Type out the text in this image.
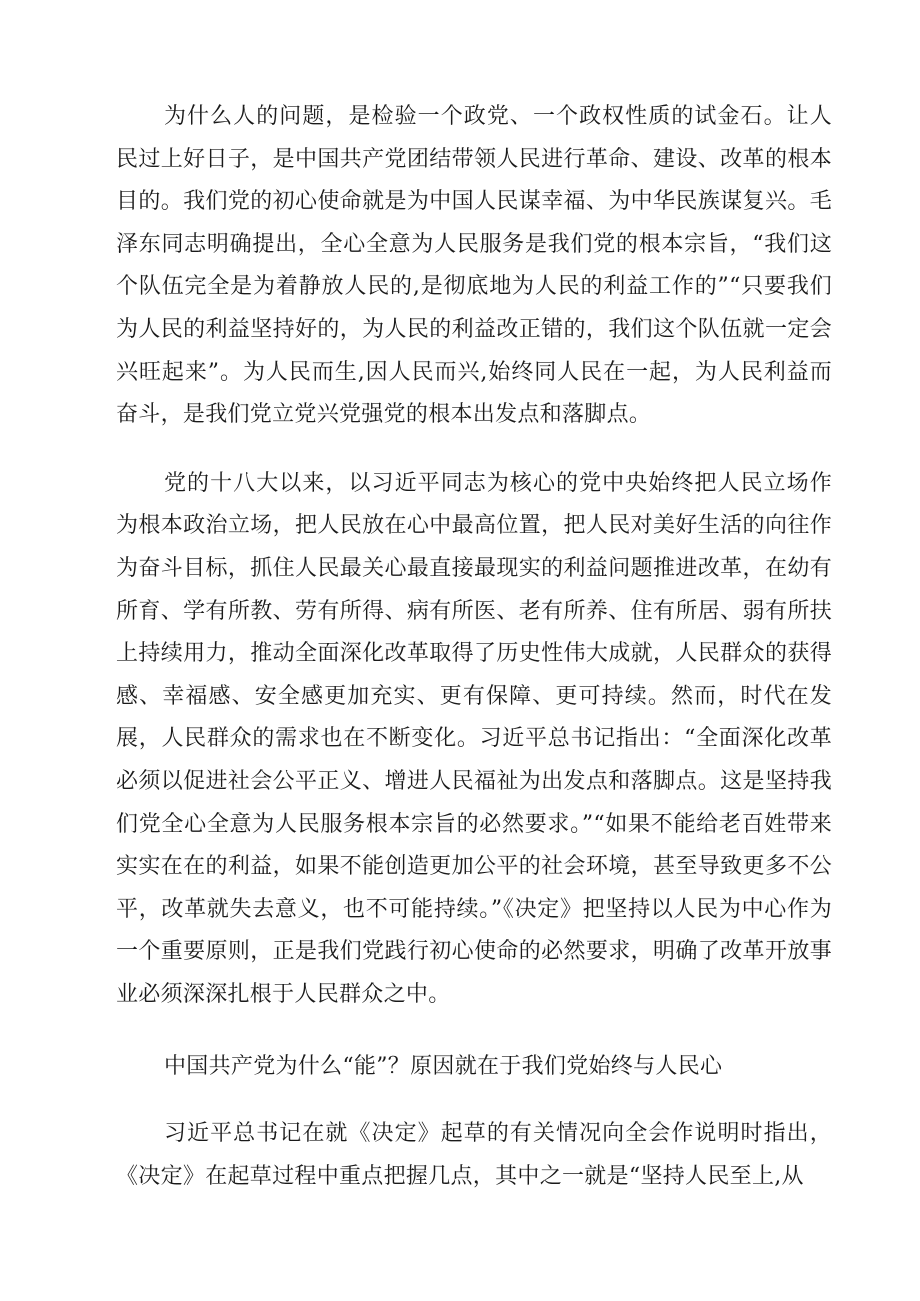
为什么人的问题，是检验一个政党、一个政权性质的试金石。让人民过上好日子，是中国共产党团结带领人民进行革命、建设、改革的根本目的。我们党的初心使命就是为中国人民谋幸福、为中华民族谋复兴。毛泽东同志明确提出，全心全意为人民服务是我们党的根本宗旨，“我们这个队伍完全是为着静放人民的,是彻底地为人民的利益工作的”“只要我们为人民的利益坚持好的，为人民的利益改正错的，我们这个队伍就一定会兴旺起来”。为人民而生,因人民而兴,始终同人民在一起，为人民利益而奋斗，是我们党立党兴党强党的根本出发点和落脚点。

党的十八大以来，以习近平同志为核心的党中央始终把人民立场作为根本政治立场，把人民放在心中最高位置，把人民对美好生活的向往作为奋斗目标，抓住人民最关心最直接最现实的利益问题推进改革，在幼有所育、学有所教、劳有所得、病有所医、老有所养、住有所居、弱有所扶上持续用力，推动全面深化改革取得了历史性伟大成就，人民群众的获得感、幸福感、安全感更加充实、更有保障、更可持续。然而，时代在发展，人民群众的需求也在不断变化。习近平总书记指出：“全面深化改革必须以促进社会公平正义、增进人民福祉为出发点和落脚点。这是坚持我们党全心全意为人民服务根本宗旨的必然要求。”“如果不能给老百姓带来实实在在的利益，如果不能创造更加公平的社会环境，甚至导致更多不公平，改革就失去意义，也不可能持续。”《决定》把坚持以人民为中心作为一个重要原则，正是我们党践行初心使命的必然要求，明确了改革开放事业必须深深扎根于人民群众之中。

中国共产党为什么“能”？原因就在于我们党始终与人民心

习近平总书记在就《决定》起草的有关情况向全会作说明时指出，《决定》在起草过程中重点把握几点，其中之一就是“坚持人民至上,从
